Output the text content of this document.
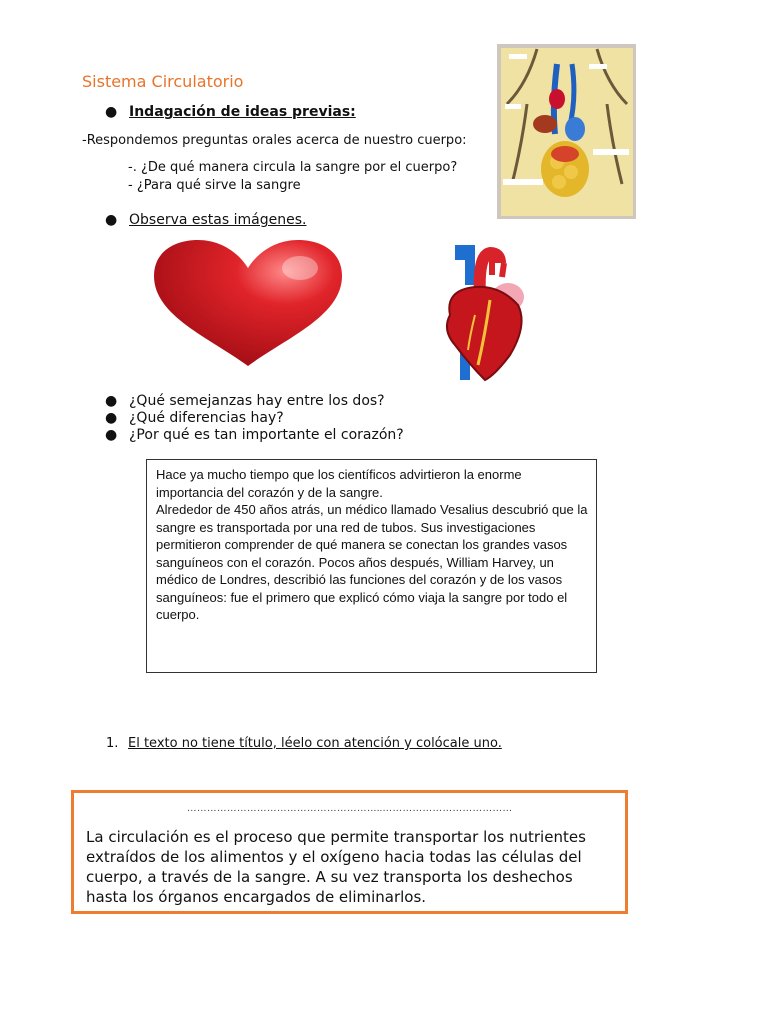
Sistema Circulatorio
● Indagación de ideas previas:
-Respondemos preguntas orales acerca de nuestro cuerpo:
-. ¿De qué manera circula la sangre por el cuerpo?
- ¿Para qué sirve la sangre
● Observa estas imágenes.
● ¿Qué semejanzas hay entre los dos?
● ¿Qué diferencias hay?
● ¿Por qué es tan importante el corazón?

Hace ya mucho tiempo que los científicos advirtieron la enorme importancia del corazón y de la sangre.

Alrededor de 450 años atrás, un médico llamado Vesalius descubrió que la sangre es transportada por una red de tubos. Sus investigaciones permitieron comprender de qué manera se conectan los grandes vasos sanguíneos con el corazón. Pocos años después, William Harvey, un médico de Londres, describió las funciones del corazón y de los vasos sanguíneos: fue el primero que explicó cómo viaja la sangre por todo el cuerpo.

1. El texto no tiene título, léelo con atención y colócale uno.
…………………………………………………..…………………………………
La circulación es el proceso que permite transportar los nutrientes extraídos de los alimentos y el oxígeno hacia todas las células del cuerpo, a través de la sangre. A su vez transporta los deshechos hasta los órganos encargados de eliminarlos.
